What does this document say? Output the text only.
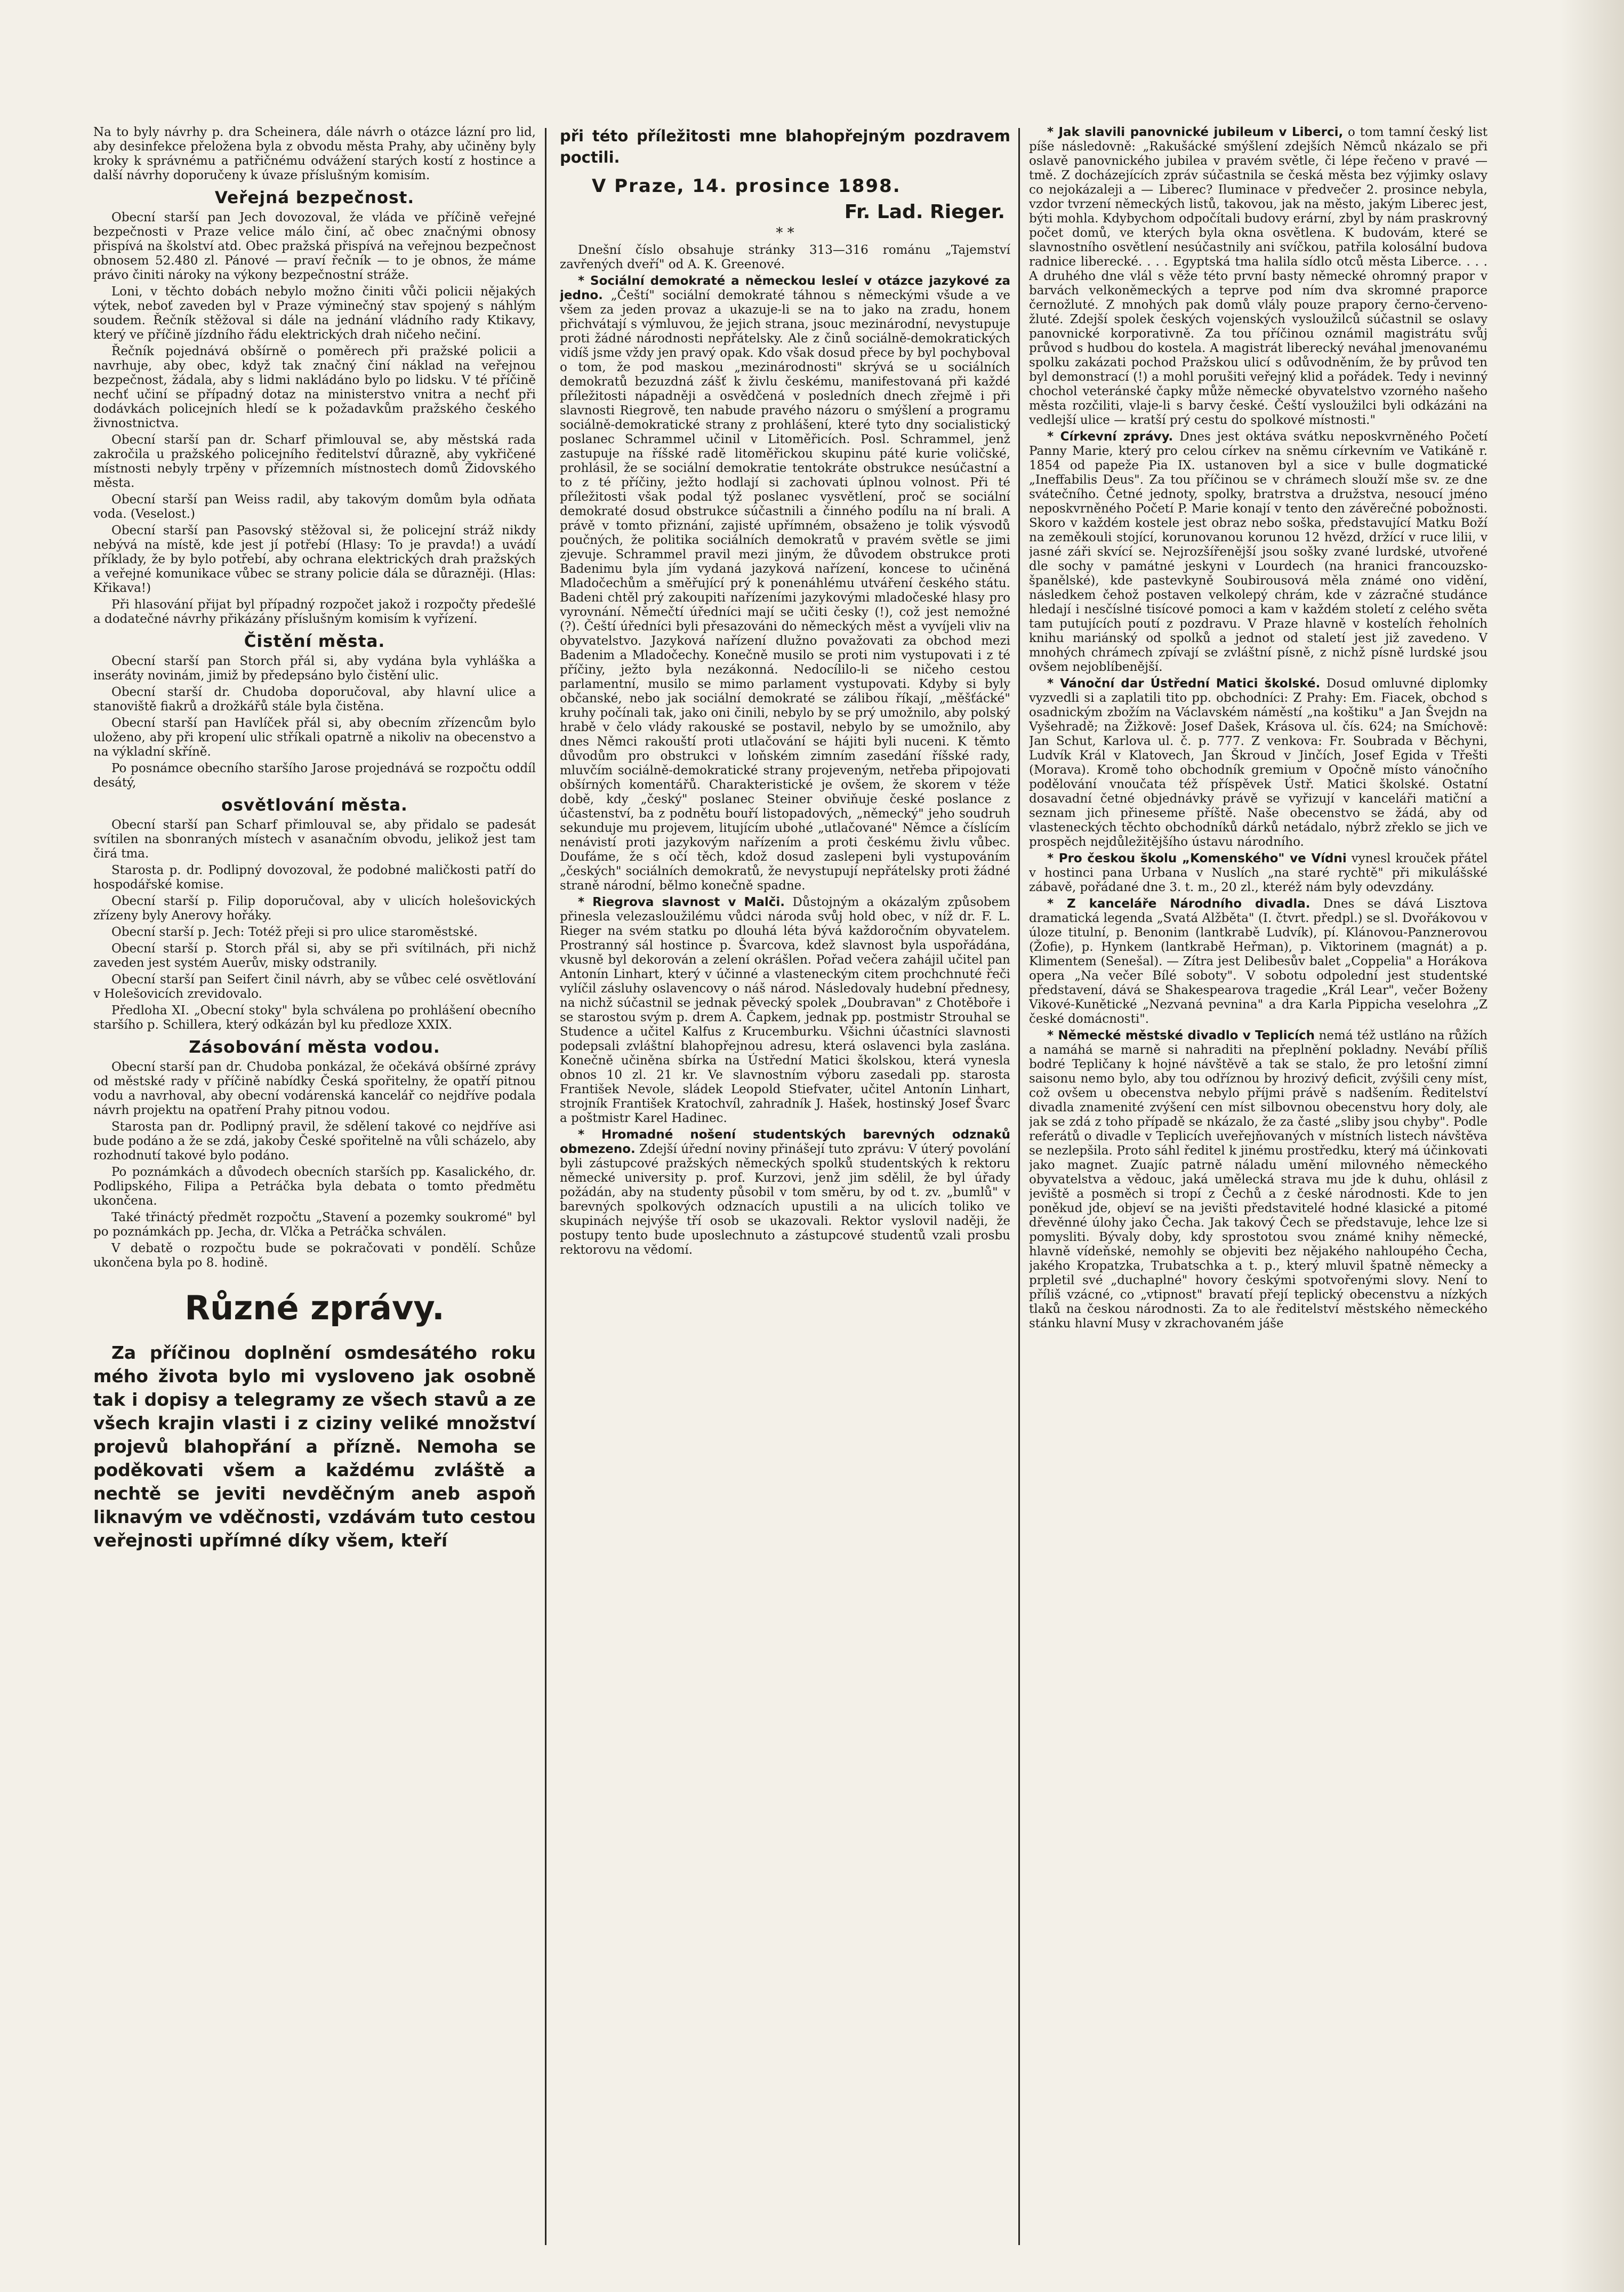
Na to byly návrhy p. dra Scheinera, dále návrh o otázce lázní pro lid, aby desinfekce přeložena byla z obvodu města Prahy, aby učiněny byly kroky k správnému a patřičnému odvážení starých kostí z hostince a další návrhy doporučeny k úvaze příslušným komisím.

Veřejná bezpečnost.

Obecní starší pan Jech dovozoval, že vláda ve příčině veřejné bezpečnosti v Praze velice málo činí, ač obec značnými obnosy přispívá na školství atd. Obec pražská přispívá na veřejnou bezpečnost obnosem 52.480 zl. Pánové — praví řečník — to je obnos, že máme právo činiti nároky na výkony bezpečnostní stráže.

Loni, v těchto dobách nebylo možno činiti vůči policii nějakých výtek, neboť zaveden byl v Praze výminečný stav spojený s náhlým soudem. Řečník stěžoval si dále na jednání vládního rady Ktikavy, který ve příčině jízdního řádu elektrických drah ničeho nečiní.

Řečník pojednává obšírně o poměrech při pražské policii a navrhuje, aby obec, když tak značný činí náklad na veřejnou bezpečnost, žádala, aby s lidmi nakládáno bylo po lidsku. V té příčině nechť učiní se případný dotaz na ministerstvo vnitra a nechť při dodávkách policejních hledí se k požadavkům pražského českého živnostnictva.

Obecní starší pan dr. Scharf přimlouval se, aby městská rada zakročila u pražského policejního ředitelství důrazně, aby vykřičené místnosti nebyly trpěny v přízemních místnostech domů Židovského města.

Obecní starší pan Weiss radil, aby takovým domům byla odňata voda. (Veselost.)

Obecní starší pan Pasovský stěžoval si, že policejní stráž nikdy nebývá na místě, kde jest jí potřebí (Hlasy: To je pravda!) a uvádí příklady, že by bylo potřebí, aby ochrana elektrických drah pražských a veřejné komunikace vůbec se strany policie dála se důrazněji. (Hlas: Křikava!)

Při hlasování přijat byl případný rozpočet jakož i rozpočty předešlé a dodatečné návrhy přikázány příslušným komisím k vyřízení.

Čistění města.

Obecní starší pan Storch přál si, aby vydána byla vyhláška a inseráty novinám, jimiž by předepsáno bylo čistění ulic.

Obecní starší dr. Chudoba doporučoval, aby hlavní ulice a stanoviště fiakrů a drožkářů stále byla čistěna.

Obecní starší pan Havlíček přál si, aby obecním zřízencům bylo uloženo, aby při kropení ulic stříkali opatrně a nikoliv na obecenstvo a na výkladní skříně.

Po posnámce obecního staršího Jarose projednává se rozpočtu oddíl desátý,

osvětlování města.

Obecní starší pan Scharf přimlouval se, aby přidalo se padesát svítilen na sbonraných místech v asanačním obvodu, jelikož jest tam čirá tma.

Starosta p. dr. Podlipný dovozoval, že podobné maličkosti patří do hospodářské komise.

Obecní starší p. Filip doporučoval, aby v ulicích holešovických zřízeny byly Anerovy hořáky.

Obecní starší p. Jech: Totéž přeji si pro ulice staroměstské.

Obecní starší p. Storch přál si, aby se při svítilnách, při nichž zaveden jest systém Auerův, misky odstranily.

Obecní starší pan Seifert činil návrh, aby se vůbec celé osvětlování v Holešovicích zrevidovalo.

Předloha XI. „Obecní stoky" byla schválena po prohlášení obecního staršího p. Schillera, který odkázán byl ku předloze XXIX.

Zásobování města vodou.

Obecní starší pan dr. Chudoba ponkázal, že očekává obšírné zprávy od městské rady v příčině nabídky Česká spořitelny, že opatří pitnou vodu a navrhoval, aby obecní vodárenská kancelář co nejdříve podala návrh projektu na opatření Prahy pitnou vodou.

Starosta pan dr. Podlipný pravil, že sdělení takové co nejdříve asi bude podáno a že se zdá, jakoby České spořitelně na vůli scházelo, aby rozhodnutí takové bylo podáno.

Po poznámkách a důvodech obecních starších pp. Kasalického, dr. Podlipského, Filipa a Petráčka byla debata o tomto předmětu ukončena.

Také třináctý předmět rozpočtu „Stavení a pozemky soukromé" byl po poznámkách pp. Jecha, dr. Vlčka a Petráčka schválen.

V debatě o rozpočtu bude se pokračovati v pondělí. Schůze ukončena byla po 8. hodině.

Různé zprávy.

Za příčinou doplnění osmdesátého roku mého života bylo mi vysloveno jak osobně tak i dopisy a telegramy ze všech stavů a ze všech krajin vlasti i z ciziny veliké množství projevů blahopřání a přízně. Nemoha se poděkovati všem a každému zvláště a nechtě se jeviti nevděčným aneb aspoň liknavým ve vděčnosti, vzdávám tuto cestou veřejnosti upřímné díky všem, kteří

při této příležitosti mne blahopřejným pozdravem poctili.

V Praze, 14. prosince 1898.
Fr. Lad. Rieger.
* *

Dnešní číslo obsahuje stránky 313—316 románu „Tajemství zavřených dveří" od A. K. Greenové.

* Sociální demokraté a německou lesleí v otázce jazykové za jedno. „Čeští" sociální demokraté táhnou s německými všude a ve všem za jeden provaz a ukazuje-li se na to jako na zradu, honem přichvátají s výmluvou, že jejich strana, jsouc mezinárodní, nevystupuje proti žádné národnosti nepřátelsky. Ale z činů sociálně-demokratických vidíš jsme vždy jen pravý opak. Kdo však dosud přece by byl pochyboval o tom, že pod maskou „mezinárodnosti" skrývá se u sociálních demokratů bezuzdná zášť k živlu českému, manifestovaná při každé příležitosti nápadněji a osvědčená v posledních dnech zřejmě i při slavnosti Riegrově, ten nabude pravého názoru o smýšlení a programu sociálně-demokratické strany z prohlášení, které tyto dny socialistický poslanec Schrammel učinil v Litoměřicích. Posl. Schrammel, jenž zastupuje na říšské radě litoměřickou skupinu páté kurie voličské, prohlásil, že se sociální demokratie tentokráte obstrukce nesúčastní a to z té příčiny, ježto hodlají si zachovati úplnou volnost. Při té příležitosti však podal týž poslanec vysvětlení, proč se sociální demokraté dosud obstrukce súčastnili a činného podílu na ní brali. A právě v tomto přiznání, zajisté upřímném, obsaženo je tolik výsvodů poučných, že politika sociálních demokratů v pravém světle se jimi zjevuje. Schrammel pravil mezi jiným, že důvodem obstrukce proti Badenimu byla jím vydaná jazyková nařízení, koncese to učiněná Mladočechům a směřující prý k ponenáhlému utváření českého státu. Badeni chtěl prý zakoupiti nařízeními jazykovými mladočeské hlasy pro vyrovnání. Němečtí úředníci mají se učiti česky (!), což jest nemožné (?). Čeští úředníci byli přesazováni do německých měst a vyvíjeli vliv na obyvatelstvo. Jazyková nařízení dlužno považovati za obchod mezi Badenim a Mladočechy. Konečně musilo se proti nim vystupovati i z té příčiny, ježto byla nezákonná. Nedocílilo-li se ničeho cestou parlamentní, musilo se mimo parlament vystupovati. Kdyby si byly občanské, nebo jak sociální demokraté se zálibou říkají, „měšťácké" kruhy počínali tak, jako oni činili, nebylo by se prý umožnilo, aby polský hrabě v čelo vlády rakouské se postavil, nebylo by se umožnilo, aby dnes Němci rakouští proti utlačování se hájiti byli nuceni. K těmto důvodům pro obstrukci v loňském zimním zasedání říšské rady, mluvčím sociálně-demokratické strany projeveným, netřeba připojovati obšírných komentářů. Charakteristické je ovšem, že skorem v téže době, kdy „český" poslanec Steiner obviňuje české poslance z účastenství, ba z podnětu bouří listopadových, „německý" jeho soudruh sekunduje mu projevem, litujícím ubohé „utlačované" Němce a číslícím nenávistí proti jazykovým nařízením a proti českému živlu vůbec. Doufáme, že s očí těch, kdož dosud zaslepeni byli vystupováním „českých" sociálních demokratů, že nevystupují nepřátelsky proti žádné straně národní, bělmo konečně spadne.

* Riegrova slavnost v Malči. Důstojným a okázalým způsobem přinesla velezasloužilému vůdci národa svůj hold obec, v níž dr. F. L. Rieger na svém statku po dlouhá léta bývá každoročním obyvatelem. Prostranný sál hostince p. Švarcova, kdež slavnost byla uspořádána, vkusně byl dekorován a zelení okrášlen. Pořad večera zahájil učitel pan Antonín Linhart, který v účinné a vlasteneckým citem prochchnuté řeči vylíčil zásluhy oslavencovy o náš národ. Následovaly hudební přednesy, na nichž súčastnil se jednak pěvecký spolek „Doubravan" z Chotěboře i se starostou svým p. drem A. Čapkem, jednak pp. postmistr Strouhal se Studence a učitel Kalfus z Krucemburku. Všichni účastníci slavnosti podepsali zvláštní blahopřejnou adresu, která oslavenci byla zaslána. Konečně učiněna sbírka na Ústřední Matici školskou, která vynesla obnos 10 zl. 21 kr. Ve slavnostním výboru zasedali pp. starosta František Nevole, sládek Leopold Stiefvater, učitel Antonín Linhart, strojník František Kratochvíl, zahradník J. Hašek, hostinský Josef Švarc a poštmistr Karel Hadinec.

* Hromadné nošení studentských barevných odznaků obmezeno. Zdejší úřední noviny přinášejí tuto zprávu: V úterý povolání byli zástupcové pražských německých spolků studentských k rektoru německé university p. prof. Kurzovi, jenž jim sdělil, že byl úřady požádán, aby na studenty působil v tom směru, by od t. zv. „bumlů" v barevných spolkových odznacích upustili a na ulicích toliko ve skupinách nejvýše tří osob se ukazovali. Rektor vyslovil naději, že postupy tento bude uposlechnuto a zástupcové studentů vzali prosbu rektorovu na vědomí.

* Jak slavili panovnické jubileum v Liberci, o tom tamní český list píše následovně: „Rakušácké smýšlení zdejších Němců nkázalo se při oslavě panovnického jubilea v pravém světle, či lépe řečeno v pravé — tmě. Z docházejících zpráv súčastnila se česká města bez výjimky oslavy co nejokázaleji a — Liberec? Iluminace v předvečer 2. prosince nebyla, vzdor tvrzení německých listů, takovou, jak na město, jakým Liberec jest, býti mohla. Kdybychom odpočítali budovy erární, zbyl by nám praskrovný počet domů, ve kterých byla okna osvětlena. K budovám, které se slavnostního osvětlení nesúčastnily ani svíčkou, patřila kolosální budova radnice liberecké. . . . Egyptská tma halila sídlo otců města Liberce. . . . A druhého dne vlál s věže této první basty německé ohromný prapor v barvách velkoněmeckých a teprve pod ním dva skromné praporce černožluté. Z mnohých pak domů vlály pouze prapory černo-červeno-žluté. Zdejší spolek českých vojenských vysloužilců súčastnil se oslavy panovnické korporativně. Za tou příčinou oznámil magistrátu svůj průvod s hudbou do kostela. A magistrát liberecký neváhal jmenovanému spolku zakázati pochod Pražskou ulicí s odůvodněním, že by průvod ten byl demonstrací (!) a mohl porušiti veřejný klid a pořádek. Tedy i nevinný chochol veteránské čapky může německé obyvatelstvo vzorného našeho města rozčiliti, vlaje-li s barvy české. Čeští vysloužilci byli odkázáni na vedlejší ulice — kratší prý cestu do spolkové místnosti."

* Církevní zprávy. Dnes jest oktáva svátku neposkvrněného Početí Panny Marie, který pro celou církev na sněmu církevním ve Vatikáně r. 1854 od papeže Pia IX. ustanoven byl a sice v bulle dogmatické „Ineffabilis Deus". Za tou příčinou se v chrámech slouží mše sv. ze dne svátečního. Četné jednoty, spolky, bratrstva a družstva, nesoucí jméno neposkvrněného Početí P. Marie konají v tento den závěrečné pobožnosti. Skoro v každém kostele jest obraz nebo soška, představující Matku Boží na zeměkouli stojící, korunovanou korunou 12 hvězd, držící v ruce lilii, v jasné záři skvící se. Nejrozšířenější jsou sošky zvané lurdské, utvořené dle sochy v památné jeskyni v Lourdech (na hranici francouzsko-španělské), kde pastevkyně Soubirousová měla známé ono vidění, následkem čehož postaven velkolepý chrám, kde v zázračné studánce hledají i nesčíslné tisícové pomoci a kam v každém století z celého světa tam putujících poutí z pozdravu. V Praze hlavně v kostelích řeholních knihu mariánský od spolků a jednot od staletí jest již zavedeno. V mnohých chrámech zpívají se zvláštní písně, z nichž písně lurdské jsou ovšem nejoblíbenější.

* Vánoční dar Ústřední Matici školské. Dosud omluvné diplomky vyzvedli si a zaplatili tito pp. obchodníci: Z Prahy: Em. Fiacek, obchod s osadnickým zbožím na Václavském náměstí „na koštiku" a Jan Švejdn na Vyšehradě; na Žižkově: Josef Dašek, Krásova ul. čís. 624; na Smíchově: Jan Schut, Karlova ul. č. p. 777. Z venkova: Fr. Soubrada v Běchyni, Ludvík Král v Klatovech, Jan Škroud v Jinčích, Josef Egida v Třešti (Morava). Kromě toho obchodník gremium v Opočně místo vánočního podělování vnoučata též příspěvek Ústř. Matici školské. Ostatní dosavadní četné objednávky právě se vyřizují v kanceláři matiční a seznam jich přineseme příště. Naše obecenstvo se žádá, aby od vlasteneckých těchto obchodníků dárků netádalo, nýbrž zřeklo se jich ve prospěch nejdůležitějšího ústavu národního.

* Pro českou školu „Komenského" ve Vídni vynesl krouček přátel v hostinci pana Urbana v Nuslích „na staré rychtě" při mikulášské zábavě, pořádané dne 3. t. m., 20 zl., kteréž nám byly odevzdány.

* Z kanceláře Národního divadla. Dnes se dává Lisztova dramatická legenda „Svatá Alžběta" (I. čtvrt. předpl.) se sl. Dvořákovou v úloze titulní, p. Benonim (lantkrabě Ludvík), pí. Klánovou-Panznerovou (Žofie), p. Hynkem (lantkrabě Heřman), p. Viktorinem (magnát) a p. Klimentem (Senešal). — Zítra jest Delibesův balet „Coppelia" a Horákova opera „Na večer Bílé soboty". V sobotu odpolední jest studentské představení, dává se Shakespearova tragedie „Král Lear", večer Boženy Vikové-Kunětické „Nezvaná pevnina" a dra Karla Pippicha veselohra „Z české domácnosti".

* Německé městské divadlo v Teplicích nemá též ustláno na růžích a namáhá se marně si nahraditi na přeplnění pokladny. Nevábí příliš bodré Tepličany k hojné návštěvě a tak se stalo, že pro letošní zimní saisonu nemo bylo, aby tou odříznou by hrozivý deficit, zvýšili ceny míst, což ovšem u obecenstva nebylo příjmi právě s nadšením. Ředitelství divadla znamenité zvýšení cen míst silbovnou obecenstvu hory doly, ale jak se zdá z toho případě se nkázalo, že za časté „sliby jsou chyby". Podle referátů o divadle v Teplicích uveřejňovaných v místních listech návštěva se nezlepšila. Proto sáhl ředitel k jinému prostředku, který má účinkovati jako magnet. Zuajíc patrně náladu umění milovného německého obyvatelstva a vědouc, jaká umělecká strava mu jde k duhu, ohlásil z jeviště a posměch si tropí z Čechů a z české národnosti. Kde to jen poněkud jde, objeví se na jevišti představitelé hodné klasické a pitomé dřevěnné úlohy jako Čecha. Jak takový Čech se představuje, lehce lze si pomysliti. Bývaly doby, kdy sprostotou svou známé knihy německé, hlavně vídeňské, nemohly se objeviti bez nějakého nahloupého Čecha, jakého Kropatzka, Trubatschka a t. p., který mluvil špatně německy a prpletil své „duchaplné" hovory českými spotvořenými slovy. Není to příliš vzácné, co „vtipnost" bravatí přejí teplický obecenstvu a nízkých tlaků na českou národnosti. Za to ale ředitelství městského německého stánku hlavní Musy v zkrachovaném jáše
